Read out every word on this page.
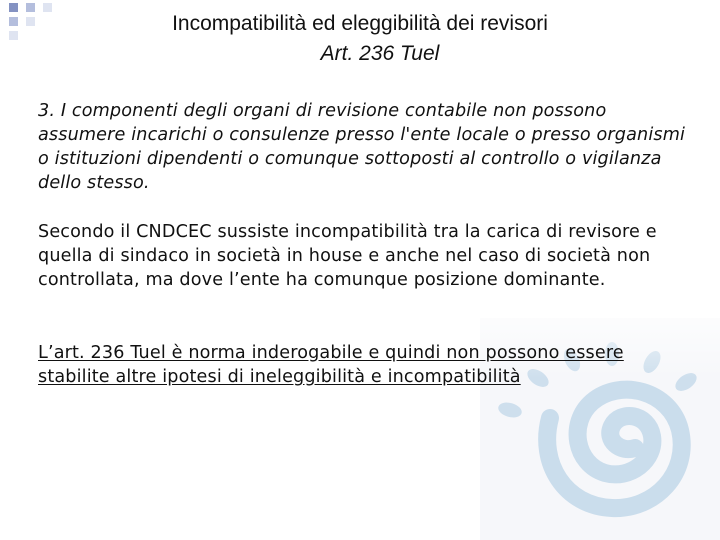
Incompatibilità ed eleggibilità dei revisori
Art. 236 Tuel

3. I componenti degli organi di revisione contabile non possono assumere incarichi o consulenze presso l'ente locale o presso organismi o istituzioni dipendenti o comunque sottoposti al controllo o vigilanza dello stesso.

Secondo il CNDCEC sussiste incompatibilità tra la carica di revisore e quella di sindaco in società in house e anche nel caso di società non controllata, ma dove l’ente ha comunque posizione dominante.

L’art. 236 Tuel è norma inderogabile e quindi non possono essere stabilite altre ipotesi di ineleggibilità e incompatibilità
